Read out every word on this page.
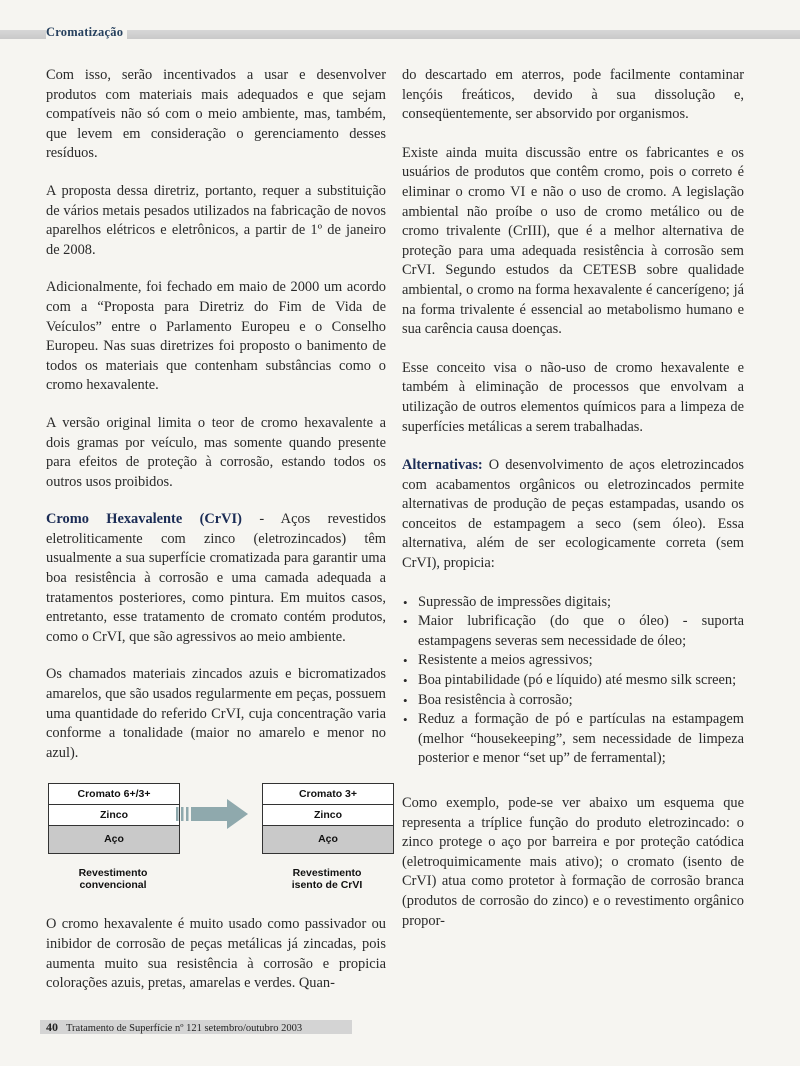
Cromatização

Com isso, serão incentivados a usar e desenvolver produtos com materiais mais adequados e que sejam compatíveis não só com o meio ambiente, mas, também, que levem em consideração o gerenciamento desses resíduos.

A proposta dessa diretriz, portanto, requer a substituição de vários metais pesados utilizados na fabricação de novos aparelhos elétricos e eletrônicos, a partir de 1º de janeiro de 2008.

Adicionalmente, foi fechado em maio de 2000 um acordo com a “Proposta para Diretriz do Fim de Vida de Veículos” entre o Parlamento Europeu e o Conselho Europeu. Nas suas diretrizes foi proposto o banimento de todos os materiais que contenham substâncias como o cromo hexavalente.

A versão original limita o teor de cromo hexavalente a dois gramas por veículo, mas somente quando presente para efeitos de proteção à corrosão, estando todos os outros usos proibidos.

Cromo Hexavalente (CrVI) - Aços revestidos eletroliticamente com zinco (eletrozincados) têm usualmente a sua superfície cromatizada para garantir uma boa resistência à corrosão e uma camada adequada a tratamentos posteriores, como pintura. Em muitos casos, entretanto, esse tratamento de cromato contém produtos, como o CrVI, que são agressivos ao meio ambiente.

Os chamados materiais zincados azuis e bicromatizados amarelos, que são usados regularmente em peças, possuem uma quantidade do referido CrVI, cuja concentração varia conforme a tonalidade (maior no amarelo e menor no azul).

Cromato 6+/3+
Zinco
Aço
Cromato 3+
Zinco
Aço
Revestimento
convencional
Revestimento
isento de CrVI

O cromo hexavalente é muito usado como passivador ou inibidor de corrosão de peças metálicas já zincadas, pois aumenta muito sua resistência à corrosão e propicia colorações azuis, pretas, amarelas e verdes. Quan-

do descartado em aterros, pode facilmente contaminar lençóis freáticos, devido à sua dissolução e, conseqüentemente, ser absorvido por organismos.

Existe ainda muita discussão entre os fabricantes e os usuários de produtos que contêm cromo, pois o correto é eliminar o cromo VI e não o uso de cromo. A legislação ambiental não proíbe o uso de cromo metálico ou de cromo trivalente (CrIII), que é a melhor alternativa de proteção para uma adequada resistência à corrosão sem CrVI. Segundo estudos da CETESB sobre qualidade ambiental, o cromo na forma hexavalente é cancerígeno; já na forma trivalente é essencial ao metabolismo humano e sua carência causa doenças.

Esse conceito visa o não-uso de cromo hexavalente e também à eliminação de processos que envolvam a utilização de outros elementos químicos para a limpeza de superfícies metálicas a serem trabalhadas.

Alternativas: O desenvolvimento de aços eletrozincados com acabamentos orgânicos ou eletrozincados permite alternativas de produção de peças estampadas, usando os conceitos de estampagem a seco (sem óleo). Essa alternativa, além de ser ecologicamente correta (sem CrVI), propicia:

• Supressão de impressões digitais;
• Maior lubrificação (do que o óleo) - suporta estampagens severas sem necessidade de óleo;
• Resistente a meios agressivos;
• Boa pintabilidade (pó e líquido) até mesmo silk screen;
• Boa resistência à corrosão;
• Reduz a formação de pó e partículas na estampagem (melhor “housekeeping”, sem necessidade de limpeza posterior e menor “set up” de ferramental);

Como exemplo, pode-se ver abaixo um esquema que representa a tríplice função do produto eletrozincado: o zinco protege o aço por barreira e por proteção catódica (eletroquimicamente mais ativo); o cromato (isento de CrVI) atua como protetor à formação de corrosão branca (produtos de corrosão do zinco) e o revestimento orgânico propor-

40 Tratamento de Superfície nº 121 setembro/outubro 2003
